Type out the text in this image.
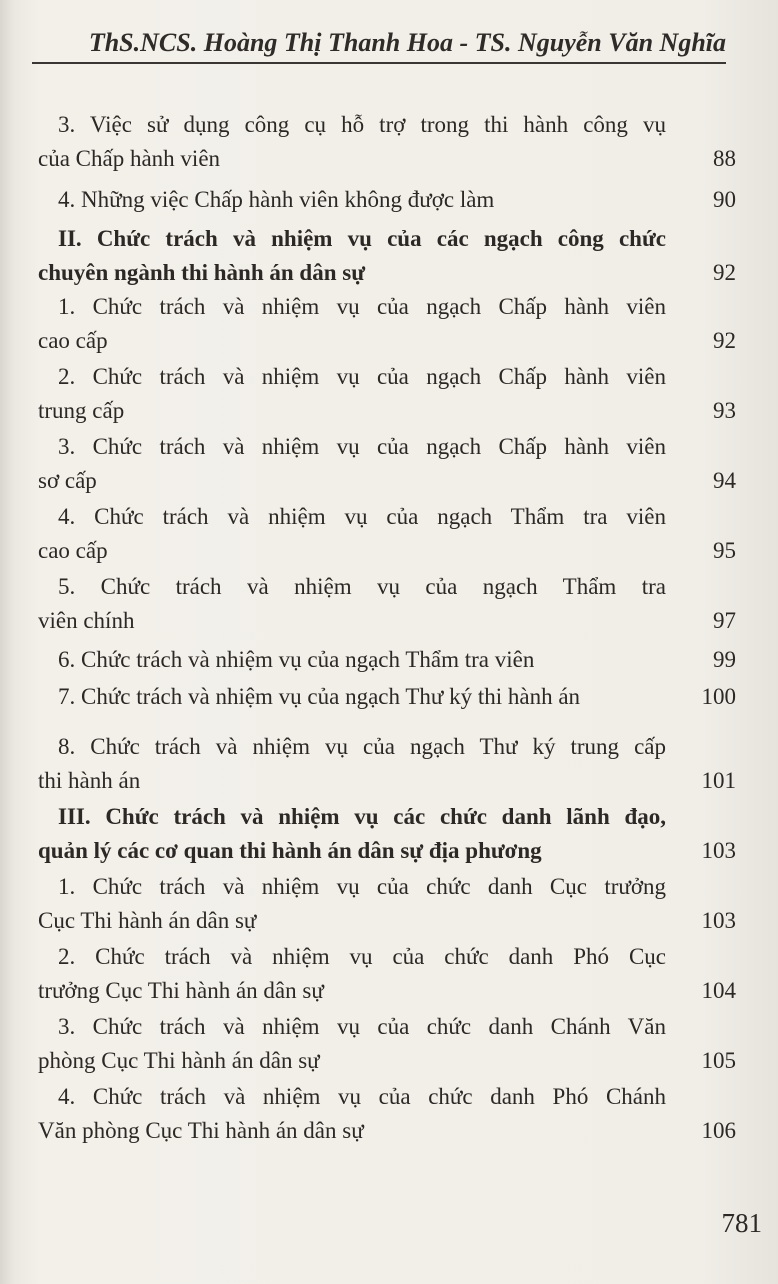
ThS.NCS. Hoàng Thị Thanh Hoa - TS. Nguyễn Văn Nghĩa
3. Việc sử dụng công cụ hỗ trợ trong thi hành công vụ
của Chấp hành viên	88
4. Những việc Chấp hành viên không được làm	90
II. Chức trách và nhiệm vụ của các ngạch công chức
chuyên ngành thi hành án dân sự	92
1. Chức trách và nhiệm vụ của ngạch Chấp hành viên
cao cấp	92
2. Chức trách và nhiệm vụ của ngạch Chấp hành viên
trung cấp	93
3. Chức trách và nhiệm vụ của ngạch Chấp hành viên
sơ cấp	94
4. Chức trách và nhiệm vụ của ngạch Thẩm tra viên
cao cấp	95
5. Chức trách và nhiệm vụ của ngạch Thẩm tra
viên chính	97
6. Chức trách và nhiệm vụ của ngạch Thẩm tra viên	99
7. Chức trách và nhiệm vụ của ngạch Thư ký thi hành án	100
8. Chức trách và nhiệm vụ của ngạch Thư ký trung cấp
thi hành án	101
III. Chức trách và nhiệm vụ các chức danh lãnh đạo,
quản lý các cơ quan thi hành án dân sự địa phương	103
1. Chức trách và nhiệm vụ của chức danh Cục trưởng
Cục Thi hành án dân sự	103
2. Chức trách và nhiệm vụ của chức danh Phó Cục
trưởng Cục Thi hành án dân sự	104
3. Chức trách và nhiệm vụ của chức danh Chánh Văn
phòng Cục Thi hành án dân sự	105
4. Chức trách và nhiệm vụ của chức danh Phó Chánh
Văn phòng Cục Thi hành án dân sự	106
781
